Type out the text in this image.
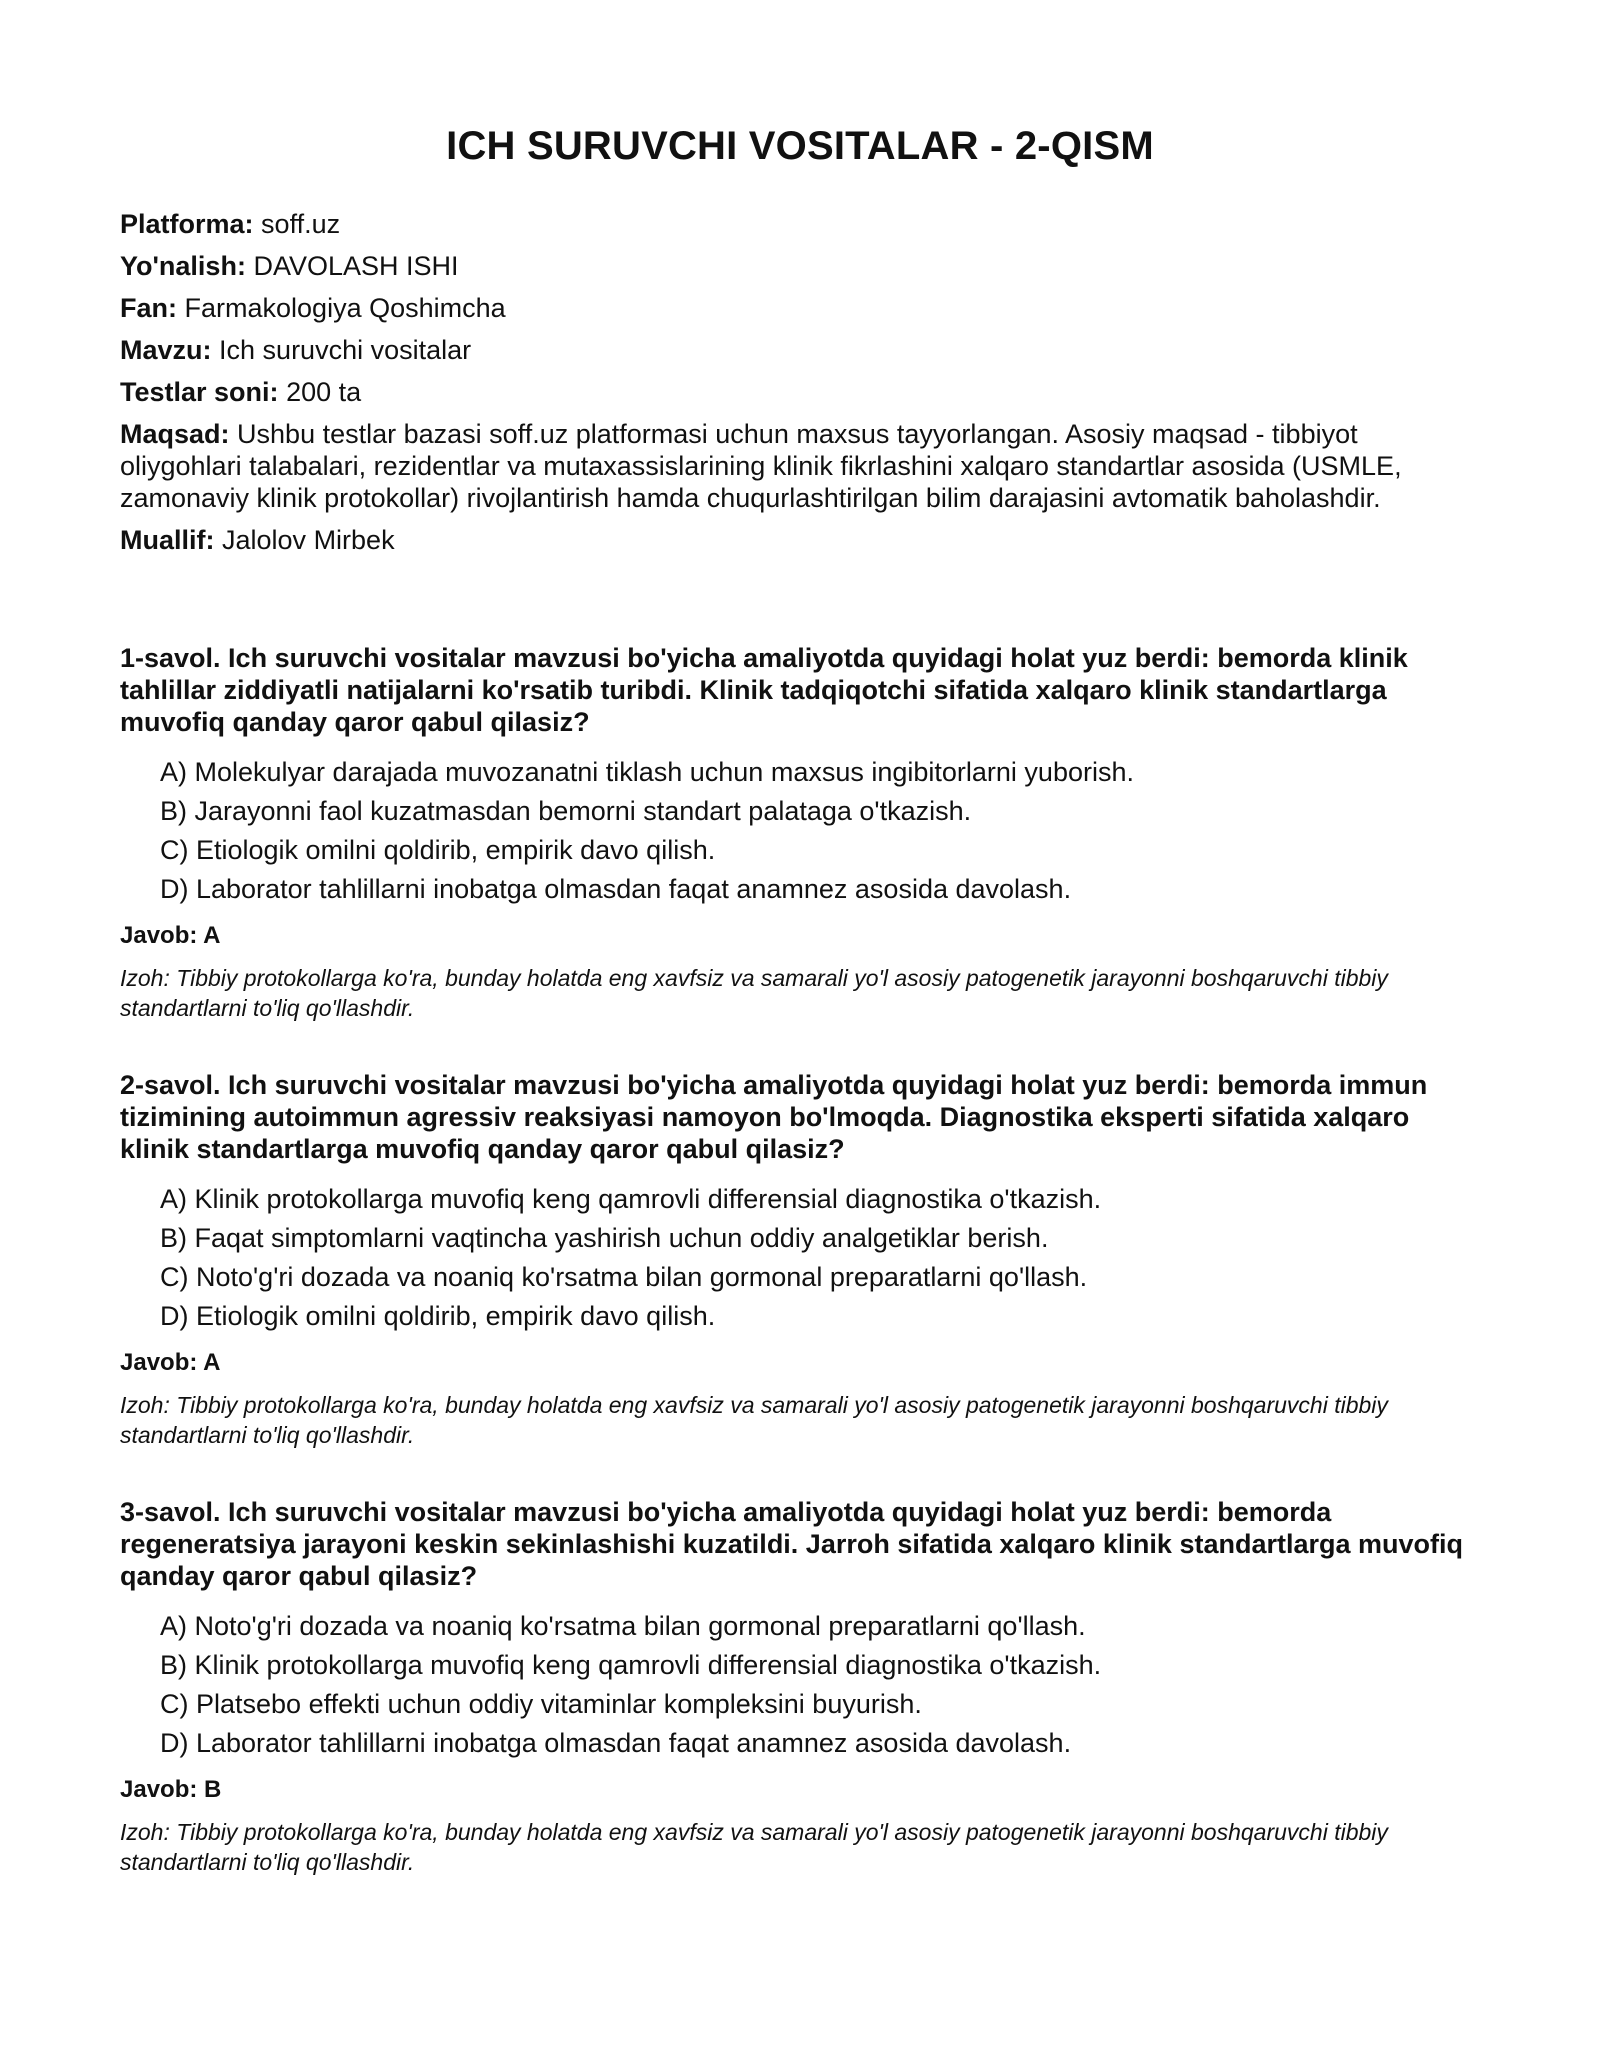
ICH SURUVCHI VOSITALAR - 2-QISM

Platforma: soff.uz

Yo'nalish: DAVOLASH ISHI

Fan: Farmakologiya Qoshimcha

Mavzu: Ich suruvchi vositalar

Testlar soni: 200 ta

Maqsad: Ushbu testlar bazasi soff.uz platformasi uchun maxsus tayyorlangan. Asosiy maqsad - tibbiyot oliygohlari talabalari, rezidentlar va mutaxassislarining klinik fikrlashini xalqaro standartlar asosida (USMLE, zamonaviy klinik protokollar) rivojlantirish hamda chuqurlashtirilgan bilim darajasini avtomatik baholashdir.

Muallif: Jalolov Mirbek

1-savol. Ich suruvchi vositalar mavzusi bo'yicha amaliyotda quyidagi holat yuz berdi: bemorda klinik tahlillar ziddiyatli natijalarni ko'rsatib turibdi. Klinik tadqiqotchi sifatida xalqaro klinik standartlarga muvofiq qanday qaror qabul qilasiz?

A) Molekulyar darajada muvozanatni tiklash uchun maxsus ingibitorlarni yuborish.
B) Jarayonni faol kuzatmasdan bemorni standart palataga o'tkazish.
C) Etiologik omilni qoldirib, empirik davo qilish.
D) Laborator tahlillarni inobatga olmasdan faqat anamnez asosida davolash.

Javob: A

Izoh: Tibbiy protokollarga ko'ra, bunday holatda eng xavfsiz va samarali yo'l asosiy patogenetik jarayonni boshqaruvchi tibbiy standartlarni to'liq qo'llashdir.

2-savol. Ich suruvchi vositalar mavzusi bo'yicha amaliyotda quyidagi holat yuz berdi: bemorda immun tizimining autoimmun agressiv reaksiyasi namoyon bo'lmoqda. Diagnostika eksperti sifatida xalqaro klinik standartlarga muvofiq qanday qaror qabul qilasiz?

A) Klinik protokollarga muvofiq keng qamrovli differensial diagnostika o'tkazish.
B) Faqat simptomlarni vaqtincha yashirish uchun oddiy analgetiklar berish.
C) Noto'g'ri dozada va noaniq ko'rsatma bilan gormonal preparatlarni qo'llash.
D) Etiologik omilni qoldirib, empirik davo qilish.

Javob: A

Izoh: Tibbiy protokollarga ko'ra, bunday holatda eng xavfsiz va samarali yo'l asosiy patogenetik jarayonni boshqaruvchi tibbiy standartlarni to'liq qo'llashdir.

3-savol. Ich suruvchi vositalar mavzusi bo'yicha amaliyotda quyidagi holat yuz berdi: bemorda regeneratsiya jarayoni keskin sekinlashishi kuzatildi. Jarroh sifatida xalqaro klinik standartlarga muvofiq qanday qaror qabul qilasiz?

A) Noto'g'ri dozada va noaniq ko'rsatma bilan gormonal preparatlarni qo'llash.
B) Klinik protokollarga muvofiq keng qamrovli differensial diagnostika o'tkazish.
C) Platsebo effekti uchun oddiy vitaminlar kompleksini buyurish.
D) Laborator tahlillarni inobatga olmasdan faqat anamnez asosida davolash.

Javob: B

Izoh: Tibbiy protokollarga ko'ra, bunday holatda eng xavfsiz va samarali yo'l asosiy patogenetik jarayonni boshqaruvchi tibbiy standartlarni to'liq qo'llashdir.
